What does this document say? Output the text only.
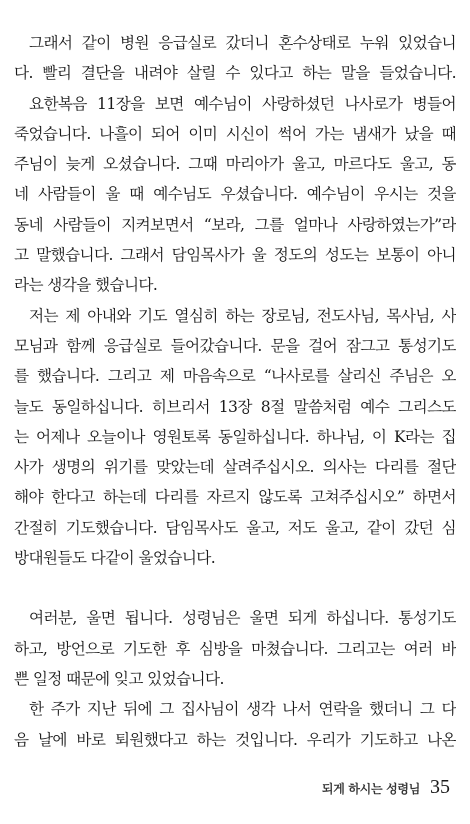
그래서 같이 병원 응급실로 갔더니 혼수상태로 누워 있었습니
다. 빨리 결단을 내려야 살릴 수 있다고 하는 말을 들었습니다.
요한복음 11장을 보면 예수님이 사랑하셨던 나사로가 병들어
죽었습니다. 나흘이 되어 이미 시신이 썩어 가는 냄새가 났을 때
주님이 늦게 오셨습니다. 그때 마리아가 울고, 마르다도 울고, 동
네 사람들이 울 때 예수님도 우셨습니다. 예수님이 우시는 것을
동네 사람들이 지켜보면서 “보라, 그를 얼마나 사랑하였는가”라
고 말했습니다. 그래서 담임목사가 울 정도의 성도는 보통이 아니
라는 생각을 했습니다.
저는 제 아내와 기도 열심히 하는 장로님, 전도사님, 목사님, 사
모님과 함께 응급실로 들어갔습니다. 문을 걸어 잠그고 통성기도
를 했습니다. 그리고 제 마음속으로 “나사로를 살리신 주님은 오
늘도 동일하십니다. 히브리서 13장 8절 말씀처럼 예수 그리스도
는 어제나 오늘이나 영원토록 동일하십니다. 하나님, 이 K라는 집
사가 생명의 위기를 맞았는데 살려주십시오. 의사는 다리를 절단
해야 한다고 하는데 다리를 자르지 않도록 고쳐주십시오” 하면서
간절히 기도했습니다. 담임목사도 울고, 저도 울고, 같이 갔던 심
방대원들도 다같이 울었습니다.
여러분, 울면 됩니다. 성령님은 울면 되게 하십니다. 통성기도
하고, 방언으로 기도한 후 심방을 마쳤습니다. 그리고는 여러 바
쁜 일정 때문에 잊고 있었습니다.
한 주가 지난 뒤에 그 집사님이 생각 나서 연락을 했더니 그 다
음 날에 바로 퇴원했다고 하는 것입니다. 우리가 기도하고 나온
되게 하시는 성령님 35
